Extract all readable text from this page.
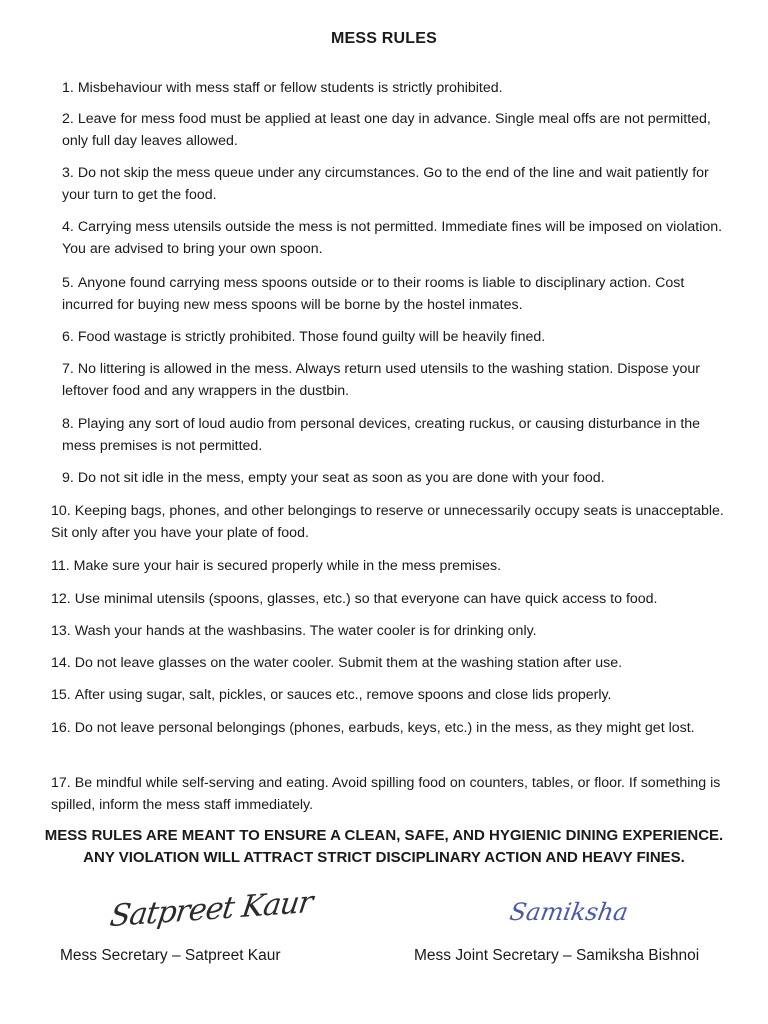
MESS RULES
1. Misbehaviour with mess staff or fellow students is strictly prohibited.
2. Leave for mess food must be applied at least one day in advance. Single meal offs are not permitted, only full day leaves allowed.
3. Do not skip the mess queue under any circumstances. Go to the end of the line and wait patiently for your turn to get the food.
4. Carrying mess utensils outside the mess is not permitted. Immediate fines will be imposed on violation. You are advised to bring your own spoon.
5. Anyone found carrying mess spoons outside or to their rooms is liable to disciplinary action. Cost incurred for buying new mess spoons will be borne by the hostel inmates.
6. Food wastage is strictly prohibited. Those found guilty will be heavily fined.
7. No littering is allowed in the mess. Always return used utensils to the washing station. Dispose your leftover food and any wrappers in the dustbin.
8. Playing any sort of loud audio from personal devices, creating ruckus, or causing disturbance in the mess premises is not permitted.
9. Do not sit idle in the mess, empty your seat as soon as you are done with your food.
10. Keeping bags, phones, and other belongings to reserve or unnecessarily occupy seats is unacceptable. Sit only after you have your plate of food.
11. Make sure your hair is secured properly while in the mess premises.
12. Use minimal utensils (spoons, glasses, etc.) so that everyone can have quick access to food.
13. Wash your hands at the washbasins. The water cooler is for drinking only.
14. Do not leave glasses on the water cooler. Submit them at the washing station after use.
15. After using sugar, salt, pickles, or sauces etc., remove spoons and close lids properly.
16. Do not leave personal belongings (phones, earbuds, keys, etc.) in the mess, as they might get lost.
17. Be mindful while self-serving and eating. Avoid spilling food on counters, tables, or floor. If something is spilled, inform the mess staff immediately.
MESS RULES ARE MEANT TO ENSURE A CLEAN, SAFE, AND HYGIENIC DINING EXPERIENCE.
ANY VIOLATION WILL ATTRACT STRICT DISCIPLINARY ACTION AND HEAVY FINES.
Satpreet Kaur	Samiksha
Mess Secretary – Satpreet Kaur	Mess Joint Secretary – Samiksha Bishnoi
